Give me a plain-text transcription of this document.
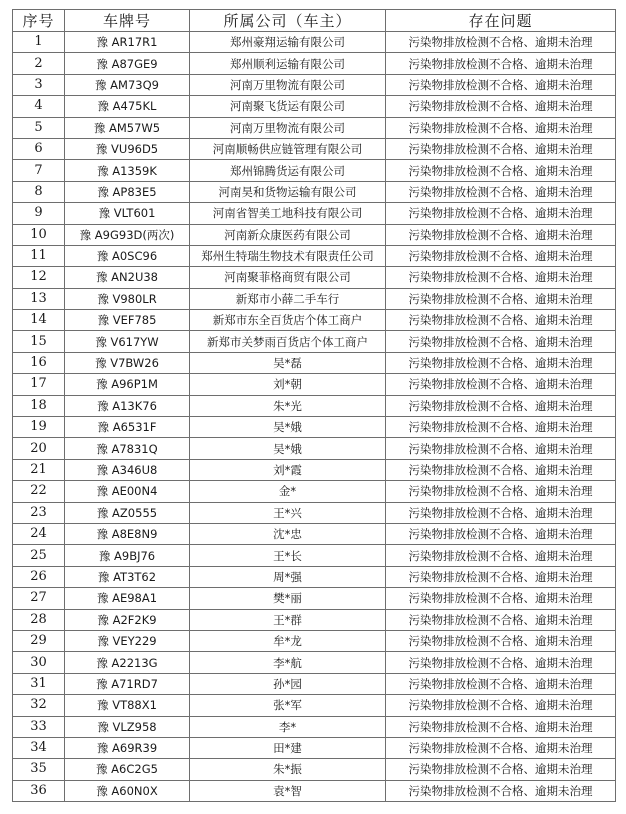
序号	车牌号	所属公司（车主）	存在问题
1	豫 AR17R1	郑州豪翔运输有限公司	污染物排放检测不合格、逾期未治理
2	豫 A87GE9	郑州顺利运输有限公司	污染物排放检测不合格、逾期未治理
3	豫 AM73Q9	河南万里物流有限公司	污染物排放检测不合格、逾期未治理
4	豫 A475KL	河南聚飞货运有限公司	污染物排放检测不合格、逾期未治理
5	豫 AM57W5	河南万里物流有限公司	污染物排放检测不合格、逾期未治理
6	豫 VU96D5	河南顺畅供应链管理有限公司	污染物排放检测不合格、逾期未治理
7	豫 A1359K	郑州锦腾货运有限公司	污染物排放检测不合格、逾期未治理
8	豫 AP83E5	河南昊和货物运输有限公司	污染物排放检测不合格、逾期未治理
9	豫 VLT601	河南省智美工地科技有限公司	污染物排放检测不合格、逾期未治理
10	豫 A9G93D(两次)	河南新众康医药有限公司	污染物排放检测不合格、逾期未治理
11	豫 A0SC96	郑州生特瑞生物技术有限责任公司	污染物排放检测不合格、逾期未治理
12	豫 AN2U38	河南聚菲格商贸有限公司	污染物排放检测不合格、逾期未治理
13	豫 V980LR	新郑市小薛二手车行	污染物排放检测不合格、逾期未治理
14	豫 VEF785	新郑市东全百货店个体工商户	污染物排放检测不合格、逾期未治理
15	豫 V617YW	新郑市关梦雨百货店个体工商户	污染物排放检测不合格、逾期未治理
16	豫 V7BW26	吴*磊	污染物排放检测不合格、逾期未治理
17	豫 A96P1M	刘*朝	污染物排放检测不合格、逾期未治理
18	豫 A13K76	朱*光	污染物排放检测不合格、逾期未治理
19	豫 A6531F	吴*娥	污染物排放检测不合格、逾期未治理
20	豫 A7831Q	吴*娥	污染物排放检测不合格、逾期未治理
21	豫 A346U8	刘*霞	污染物排放检测不合格、逾期未治理
22	豫 AE00N4	金*	污染物排放检测不合格、逾期未治理
23	豫 AZ0555	王*兴	污染物排放检测不合格、逾期未治理
24	豫 A8E8N9	沈*忠	污染物排放检测不合格、逾期未治理
25	豫 A9BJ76	王*长	污染物排放检测不合格、逾期未治理
26	豫 AT3T62	周*强	污染物排放检测不合格、逾期未治理
27	豫 AE98A1	樊*丽	污染物排放检测不合格、逾期未治理
28	豫 A2F2K9	王*群	污染物排放检测不合格、逾期未治理
29	豫 VEY229	牟*龙	污染物排放检测不合格、逾期未治理
30	豫 A2213G	李*航	污染物排放检测不合格、逾期未治理
31	豫 A71RD7	孙*园	污染物排放检测不合格、逾期未治理
32	豫 VT88X1	张*军	污染物排放检测不合格、逾期未治理
33	豫 VLZ958	李*	污染物排放检测不合格、逾期未治理
34	豫 A69R39	田*建	污染物排放检测不合格、逾期未治理
35	豫 A6C2G5	朱*振	污染物排放检测不合格、逾期未治理
36	豫 A60N0X	袁*智	污染物排放检测不合格、逾期未治理
